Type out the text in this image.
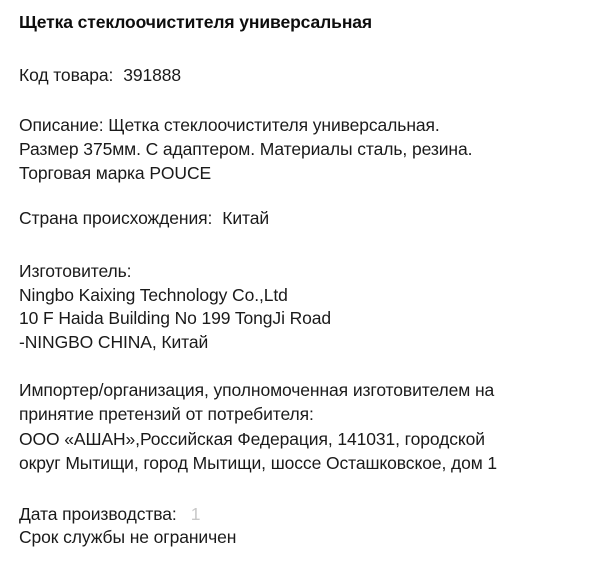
Щетка стеклоочистителя универсальная
Код товара: 391888
Описание: Щетка стеклоочистителя универсальная.
Размер 375мм. С адаптером. Материалы сталь, резина.
Торговая марка POUCE
Страна происхождения: Китай
Изготовитель:
Ningbo Kaixing Technology Co.,Ltd
10 F Haida Building No 199 TongJi Road
-NINGBO CHINA, Китай
Импортер/организация, уполномоченная изготовителем на
принятие претензий от потребителя:
ООО «АШАН»,Российская Федерация, 141031, городской
округ Мытищи, город Мытищи, шоссе Осташковское, дом 1
Дата производства: 1
Срок службы не ограничен
